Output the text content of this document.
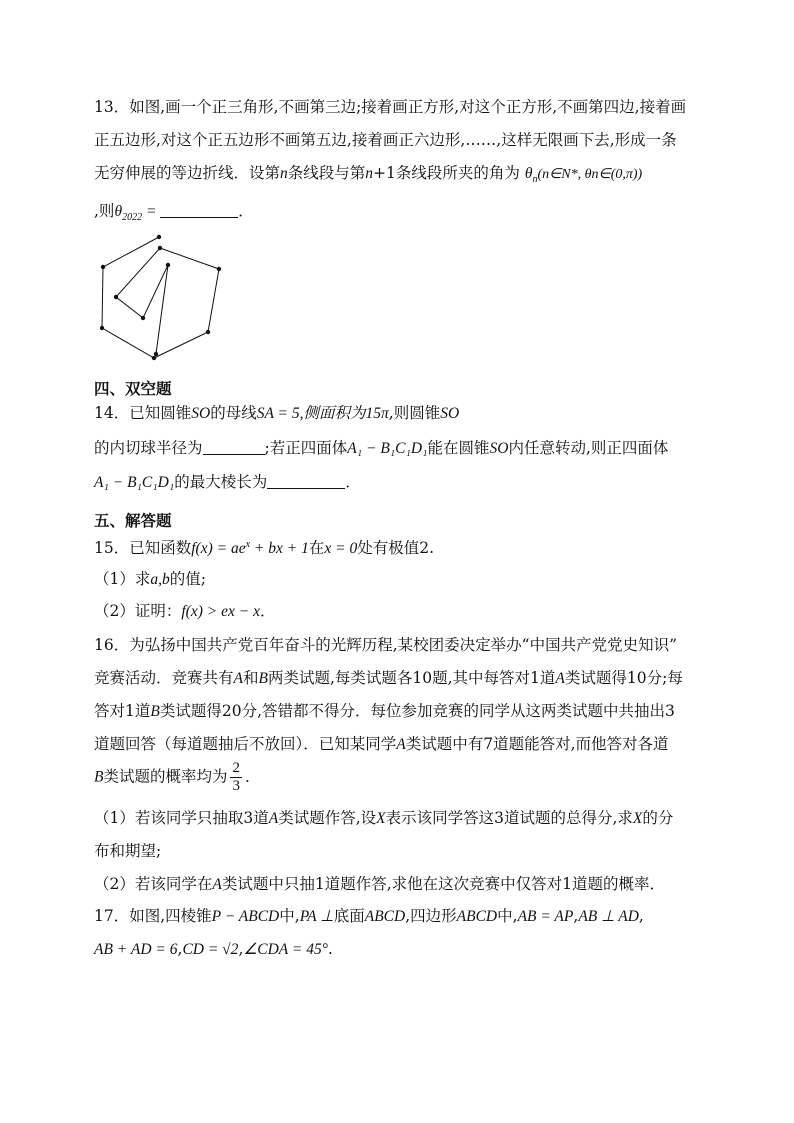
13．如图,画一个正三角形,不画第三边;接着画正方形,对这个正方形,不画第四边,接着画
正五边形,对这个正五边形不画第五边,接着画正六边形,……,这样无限画下去,形成一条
无穷伸展的等边折线．设第n条线段与第n+1条线段所夹的角为 $\theta_n(n\in N*$, θn∈(0,π))
,则$\theta_{2022}$ =	．
四、双空题
14．已知圆锥SO的母线SA = 5,侧面积为15π,则圆锥SO
的内切球半径为	;若正四面体A₁ − B₁C₁D₁能在圆锥SO内任意转动,则正四面体
A₁ − B₁C₁D₁的最大棱长为	．
五、解答题
15．已知函数$f(x) = ae^x$ + bx + 1在x = 0处有极值2.
（1）求a,b的值;
（2）证明：f(x) > ex − x．
16．为弘扬中国共产党百年奋斗的光辉历程,某校团委决定举办“中国共产党党史知识”
竞赛活动．竞赛共有A和B两类试题,每类试题各10题,其中每答对1道A类试题得10分;每
答对1道B类试题得20分,答错都不得分．每位参加竞赛的同学从这两类试题中共抽出3
道题回答（每道题抽后不放回）．已知某同学A类试题中有7道题能答对,而他答对各道
B类试题的概率均为 $\frac{2}{3}$ ．
（1）若该同学只抽取3道A类试题作答,设X表示该同学答这3道试题的总得分,求X的分
布和期望;
（2）若该同学在A类试题中只抽1道题作答,求他在这次竞赛中仅答对1道题的概率．
17．如图,四棱锥P − ABCD中,PA ⊥底面ABCD,四边形ABCD中,AB = AP,AB ⊥ AD,
AB + AD = 6,CD = √2,∠CDA = 45°.
